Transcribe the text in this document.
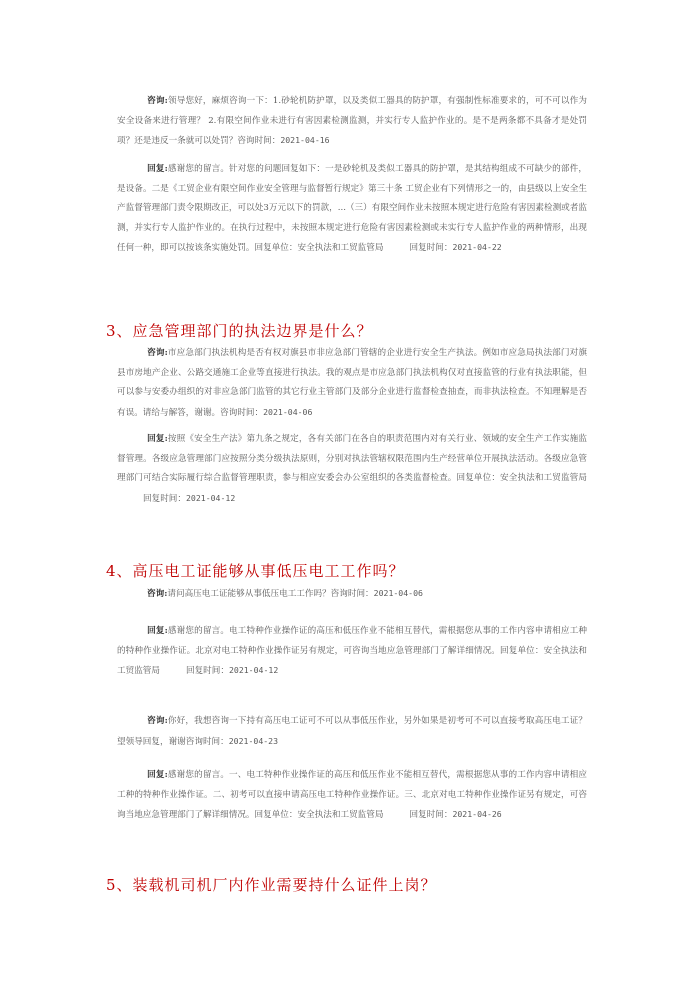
咨询:领导您好，麻烦咨询一下：1.砂轮机防护罩，以及类似工器具的防护罩，有强制性标准要求的，可不可以作为安全设备来进行管理？ 2.有限空间作业未进行有害因素检测监测，并实行专人监护作业的。是不是两条都不具备才是处罚项？还是违反一条就可以处罚？咨询时间：2021-04-16
回复:感谢您的留言。针对您的问题回复如下：一是砂轮机及类似工器具的防护罩，是其结构组成不可缺少的部件，是设备。二是《工贸企业有限空间作业安全管理与监督暂行规定》第三十条 工贸企业有下列情形之一的，由县级以上安全生产监督管理部门责令限期改正，可以处3万元以下的罚款，...（三）有限空间作业未按照本规定进行危险有害因素检测或者监测，并实行专人监护作业的。在执行过程中，未按照本规定进行危险有害因素检测或未实行专人监护作业的两种情形，出现任何一种，即可以按该条实施处罚。回复单位：安全执法和工贸监管局	回复时间：2021-04-22
3、应急管理部门的执法边界是什么？
咨询:市应急部门执法机构是否有权对旗县市非应急部门管辖的企业进行安全生产执法。例如市应急局执法部门对旗县市房地产企业、公路交通施工企业等直接进行执法。我的观点是市应急部门执法机构仅对直接监管的行业有执法职能，但可以参与安委办组织的对非应急部门监管的其它行业主管部门及部分企业进行监督检查抽查，而非执法检查。不知理解是否有误。请给与解答，谢谢。咨询时间：2021-04-06
回复:按照《安全生产法》第九条之规定，各有关部门在各自的职责范围内对有关行业、领域的安全生产工作实施监督管理。各级应急管理部门应按照分类分级执法原则，分别对执法管辖权限范围内生产经营单位开展执法活动。各级应急管理部门可结合实际履行综合监督管理职责，参与相应安委会办公室组织的各类监督检查。回复单位：安全执法和工贸监管局回复时间：2021-04-12
4、高压电工证能够从事低压电工工作吗？
咨询:请问高压电工证能够从事低压电工工作吗？咨询时间：2021-04-06
回复:感谢您的留言。电工特种作业操作证的高压和低压作业不能相互替代，需根据您从事的工作内容申请相应工种的特种作业操作证。北京对电工特种作业操作证另有规定，可咨询当地应急管理部门了解详细情况。回复单位：安全执法和工贸监管局	回复时间：2021-04-12
咨询:你好，我想咨询一下持有高压电工证可不可以从事低压作业，另外如果是初考可不可以直接考取高压电工证？望领导回复，谢谢咨询时间：2021-04-23
回复:感谢您的留言。一、电工特种作业操作证的高压和低压作业不能相互替代，需根据您从事的工作内容申请相应工种的特种作业操作证。二、初考可以直接申请高压电工特种作业操作证。三、北京对电工特种作业操作证另有规定，可咨询当地应急管理部门了解详细情况。回复单位：安全执法和工贸监管局	回复时间：2021-04-26
5、装载机司机厂内作业需要持什么证件上岗？
